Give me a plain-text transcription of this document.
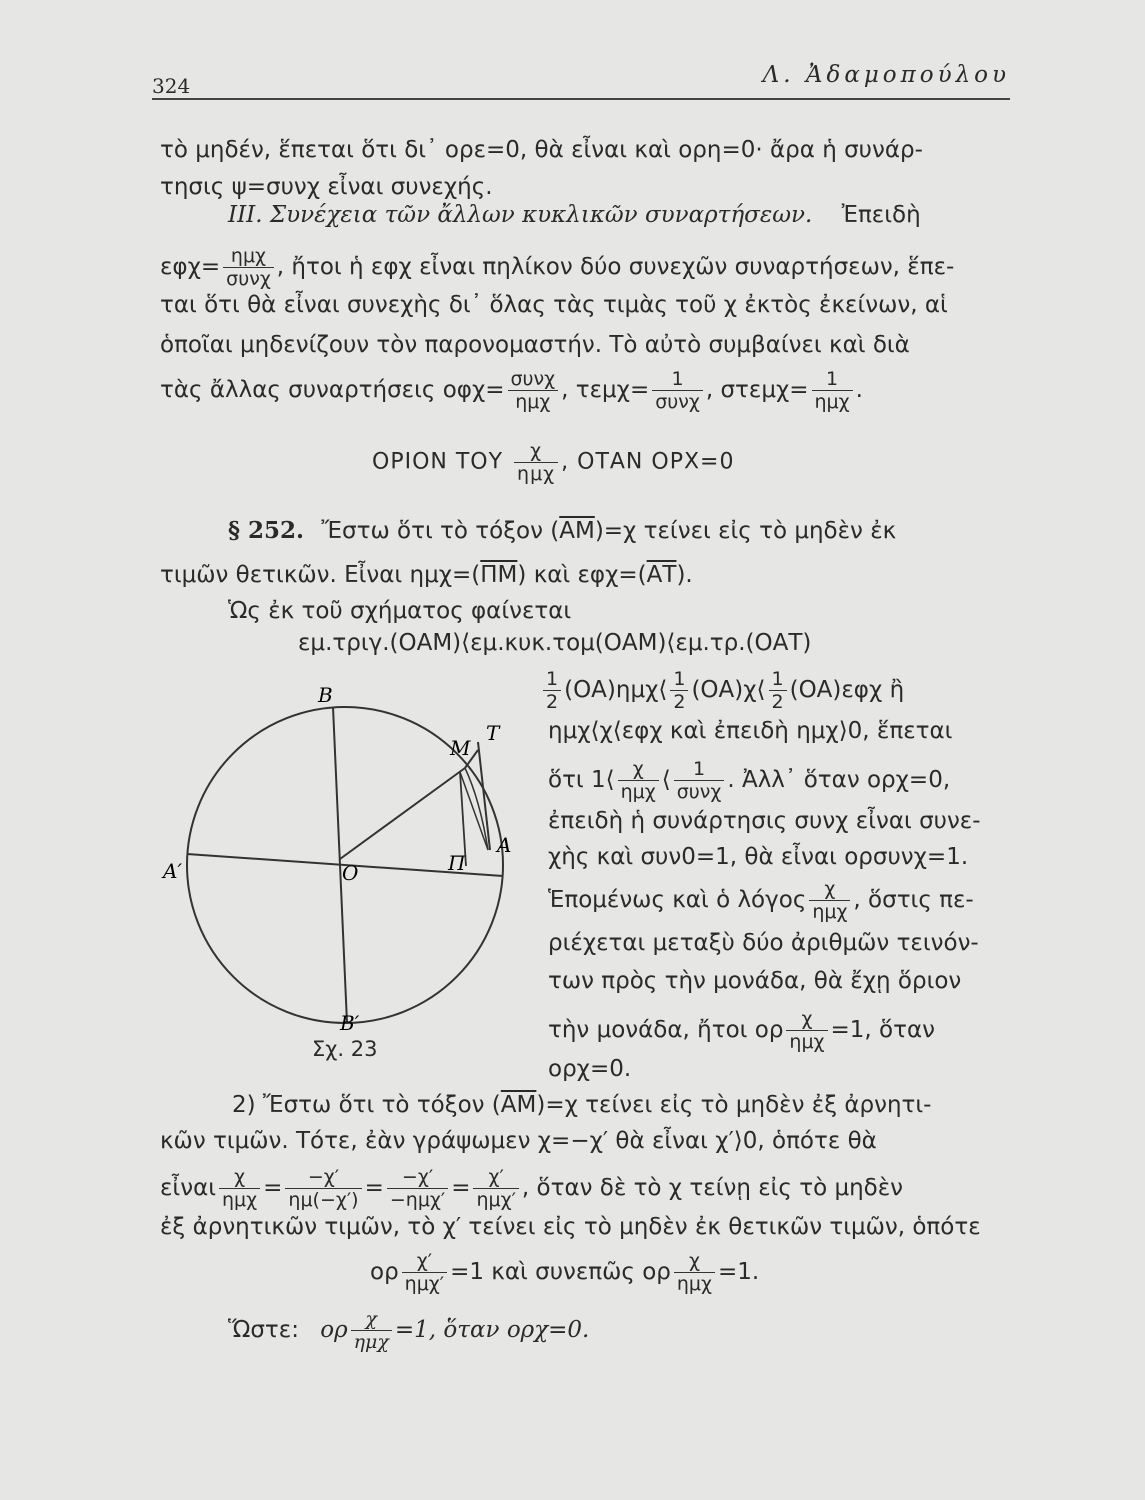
324	Λ. Ἀδαμοπούλου
τὸ μηδέν, ἕπεται ὅτι δι᾽ ορε=0, θὰ εἶναι καὶ ορη=0· ἄρα ἡ συνάρ-
τησις ψ=συνχ εἶναι συνεχής.
III. Συνέχεια τῶν ἄλλων κυκλικῶν συναρτήσεων. Ἐπειδὴ
$\varepsilon\varphi\chi= \frac{\text{ημχ}}{\text{συνχ}}$ , ἤτοι ἡ εφχ εἶναι πηλίκον δύο συνεχῶν συναρτήσεων, ἕπε-
ται ὅτι θὰ εἶναι συνεχὴς δι᾽ ὅλας τὰς τιμὰς τοῦ χ ἐκτὸς ἐκείνων, αἱ
ὁποῖαι μηδενίζουν τὸν παρονομαστήν. Τὸ αὐτὸ συμβαίνει καὶ διὰ
τὰς ἄλλας συναρτήσεις $o\varphi\chi= \frac{\text{συνχ}}{\text{ημχ}}$ , $\tau\varepsilon\mu\chi= \frac{1}{\text{συνχ}}$ , $\sigma\tau\varepsilon\mu\chi= \frac{1}{\text{ημχ}}$ .
ΟΡΙΟΝ ΤΟΥ $\frac{\chi}{\text{ημχ}}$ , ΟΤΑΝ ΟΡΧ=0
§ 252. Ἔστω ὅτι τὸ τόξον $(\overline{AM})=\chi$ τείνει εἰς τὸ μηδὲν ἐκ
τιμῶν θετικῶν. Εἶναι $\eta\mu\chi=(\overline{\Pi M})$ καὶ $\varepsilon\varphi\chi=(\overline{AT})$.
Ὡς ἐκ τοῦ σχήματος φαίνεται
εμ.τριγ.(ΟΑΜ)⟨εμ.κυκ.τομ(ΟΑΜ)⟨εμ.τρ.(ΟΑΤ)
$\frac{1}{2}$ (ΟΑ)ημχ⟨ $\frac{1}{2}$ (ΟΑ)χ⟨ $\frac{1}{2} (OA)\varepsilon\varphi\chi$ ἢ
ημχ⟨χ⟨εφχ καὶ ἐπειδὴ ημχ⟩0, ἕπεται
ὅτι 1⟨ $\frac{\chi}{\text{ημχ}}$ ⟨ $\frac{1}{\text{συνχ}}$ . Ἀλλ᾽ ὅταν ορχ=0,
ἐπειδὴ ἡ συνάρτησις συνχ εἶναι συνε-
χὴς καὶ συν0=1, θὰ εἶναι ορσυνχ=1.
Ἑπομένως καὶ ὁ λόγος $\frac{\chi}{\text{ημχ}}$ , ὅστις πε-
ριέχεται μεταξὺ δύο ἀριθμῶν τεινόν-
των πρὸς τὴν μονάδα, θὰ ἔχῃ ὅριον
τὴν μονάδα, ἤτοι ορ $\frac{\chi}{\text{ημχ}} =1$, ὅταν
ορχ=0.
B
B′
A
A′	O
M
T
Π
Σχ. 23
2) Ἔστω ὅτι τὸ τόξον $(\overline{AM})=\chi$ τείνει εἰς τὸ μηδὲν ἐξ ἀρνητι-
κῶν τιμῶν. Τότε, ἐὰν γράψωμεν χ=−χ′ θὰ εἶναι χ′⟩0, ὁπότε θὰ
εἶναι $\frac{\chi}{\text{ημχ}} = \frac{-\chi'}{\eta\mu(-\chi')} = \frac{-\chi'}{\text{−ημχ′}} = \frac{\chi'}{\text{ημχ′}}$ , ὅταν δὲ τὸ χ τείνῃ εἰς τὸ μηδὲν
ἐξ ἀρνητικῶν τιμῶν, τὸ χ′ τείνει εἰς τὸ μηδὲν ἐκ θετικῶν τιμῶν, ὁπότε
ορ $\frac{\chi'}{\text{ημχ′}} =1$ καὶ συνεπῶς ορ $\frac{\chi}{\text{ημχ}} =1$.
Ὥστε: ορ $\frac{\chi}{\text{ημχ}} =1$, ὅταν ορχ=0.
